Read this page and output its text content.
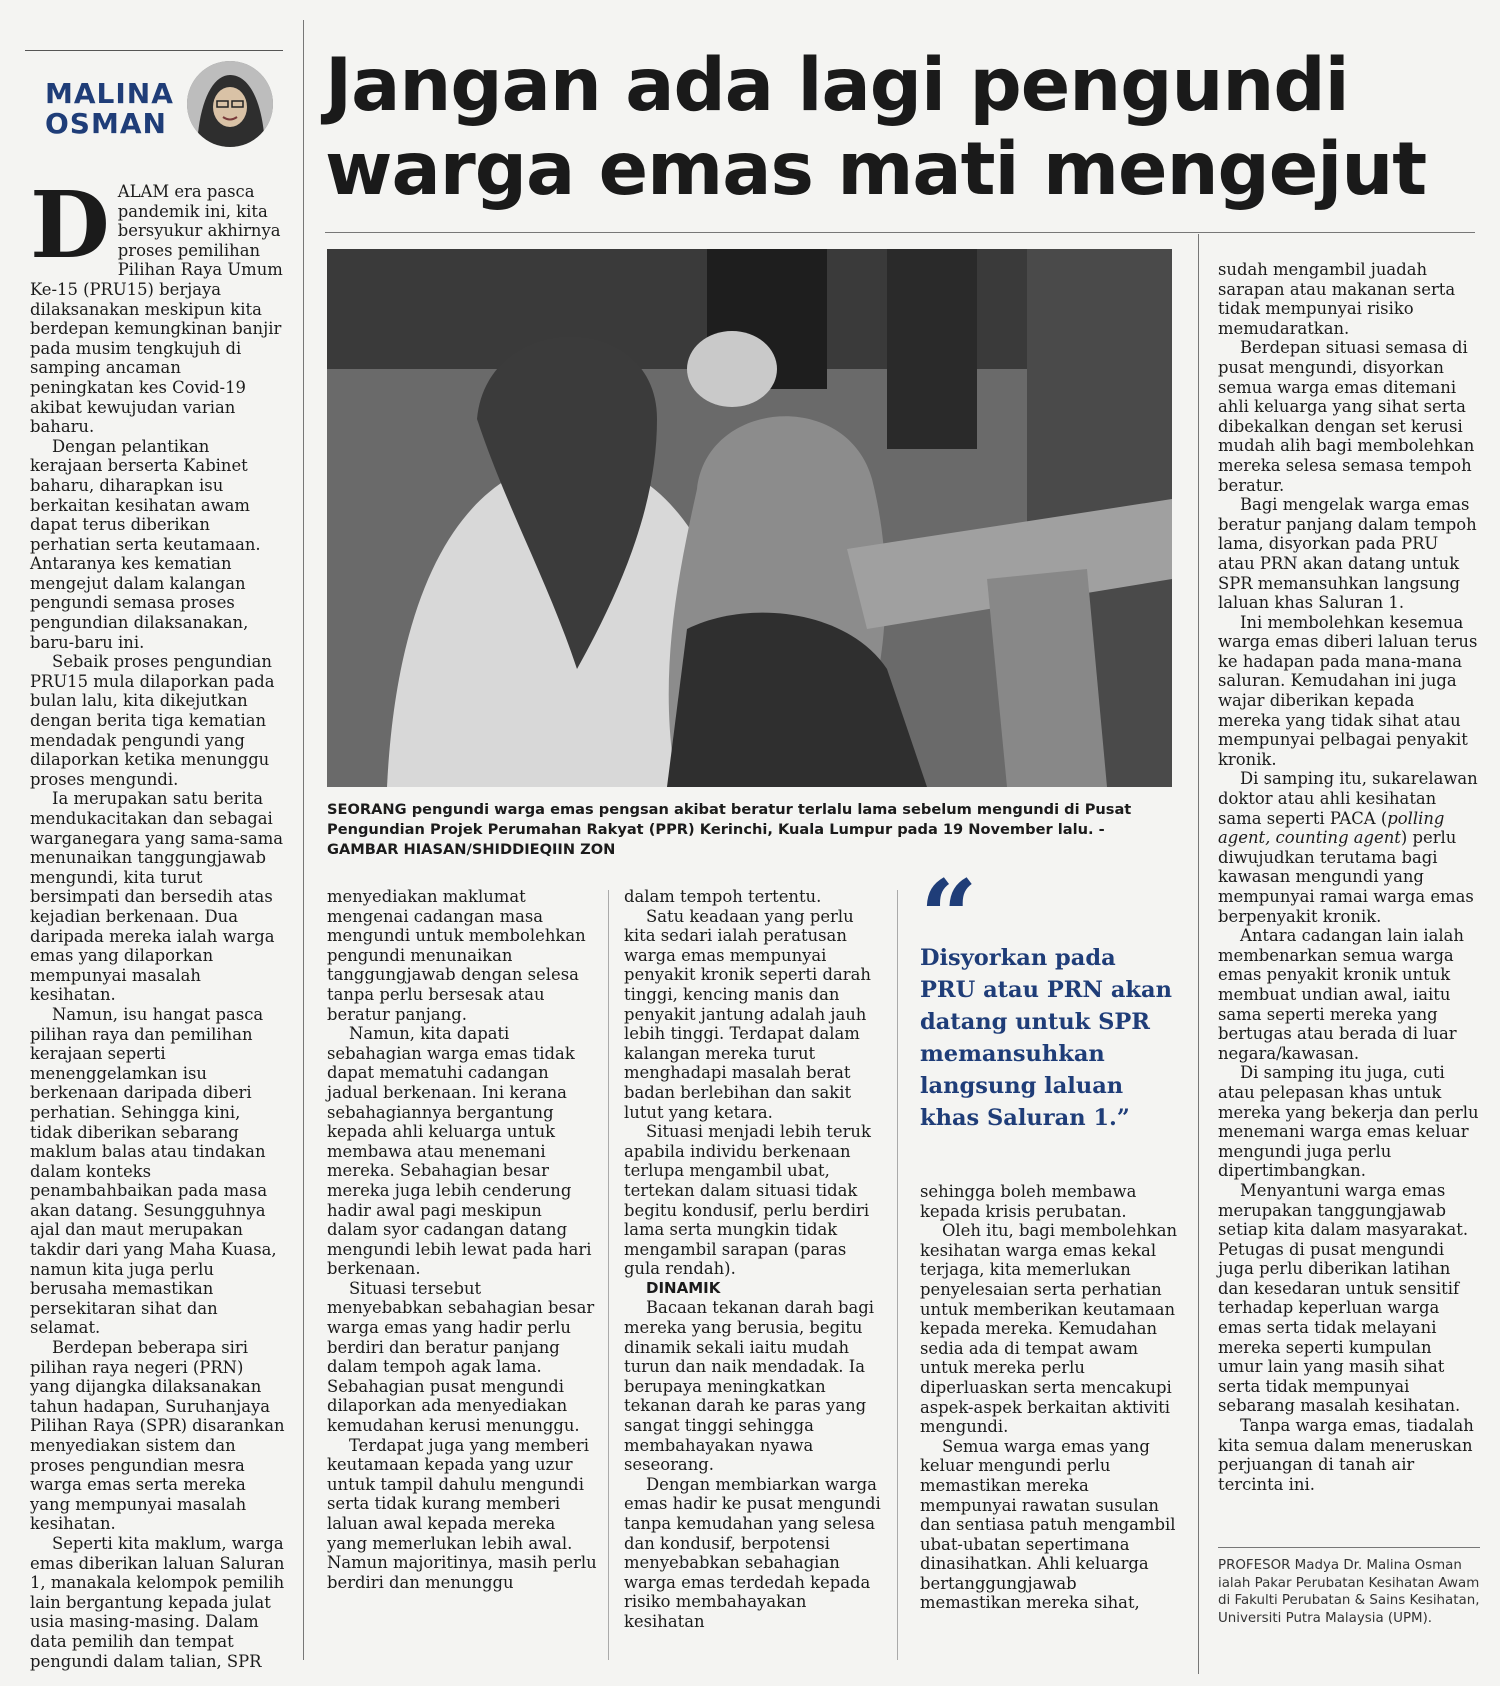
MALINA
OSMAN Jangan ada lagi pengundi
warga emas mati mengejut
SEORANG pengundi warga emas pengsan akibat beratur terlalu lama sebelum mengundi di Pusat Pengundian Projek Perumahan Rakyat (PPR) Kerinchi, Kuala Lumpur pada 19 November lalu. - GAMBAR HIASAN/SHIDDIEQIIN ZON
D ALAM era pasca pandemik ini, kita bersyukur akhirnya proses pemilihan Pilihan Raya Umum Ke-15 (PRU15) berjaya dilaksanakan meskipun kita berdepan kemungkinan banjir pada musim tengkujuh di samping ancaman peningkatan kes Covid-19 akibat kewujudan varian baharu.

Dengan pelantikan kerajaan berserta Kabinet baharu, diharapkan isu berkaitan kesihatan awam dapat terus diberikan perhatian serta keutamaan. Antaranya kes kematian mengejut dalam kalangan pengundi semasa proses pengundian dilaksanakan, baru-baru ini.

Sebaik proses pengundian PRU15 mula dilaporkan pada bulan lalu, kita dikejutkan dengan berita tiga kematian mendadak pengundi yang dilaporkan ketika menunggu proses mengundi.

Ia merupakan satu berita mendukacitakan dan sebagai warganegara yang sama-sama menunaikan tanggungjawab mengundi, kita turut bersimpati dan bersedih atas kejadian berkenaan. Dua daripada mereka ialah warga emas yang dilaporkan mempunyai masalah kesihatan.

Namun, isu hangat pasca pilihan raya dan pemilihan kerajaan seperti menenggelamkan isu berkenaan daripada diberi perhatian. Sehingga kini, tidak diberikan sebarang maklum balas atau tindakan dalam konteks penambahbaikan pada masa akan datang. Sesungguhnya ajal dan maut merupakan takdir dari yang Maha Kuasa, namun kita juga perlu berusaha memastikan persekitaran sihat dan selamat.

Berdepan beberapa siri pilihan raya negeri (PRN) yang dijangka dilaksanakan tahun hadapan, Suruhanjaya Pilihan Raya (SPR) disarankan menyediakan sistem dan proses pengundian mesra warga emas serta mereka yang mempunyai masalah kesihatan.

Seperti kita maklum, warga emas diberikan laluan Saluran 1, manakala kelompok pemilih lain bergantung kepada julat usia masing-masing. Dalam data pemilih dan tempat pengundi dalam talian, SPR

menyediakan maklumat mengenai cadangan masa mengundi untuk membolehkan pengundi menunaikan tanggungjawab dengan selesa tanpa perlu bersesak atau beratur panjang.

Namun, kita dapati sebahagian warga emas tidak dapat mematuhi cadangan jadual berkenaan. Ini kerana sebahagiannya bergantung kepada ahli keluarga untuk membawa atau menemani mereka. Sebahagian besar mereka juga lebih cenderung hadir awal pagi meskipun dalam syor cadangan datang mengundi lebih lewat pada hari berkenaan.

Situasi tersebut menyebabkan sebahagian besar warga emas yang hadir perlu berdiri dan beratur panjang dalam tempoh agak lama. Sebahagian pusat mengundi dilaporkan ada menyediakan kemudahan kerusi menunggu.

Terdapat juga yang memberi keutamaan kepada yang uzur untuk tampil dahulu mengundi serta tidak kurang memberi laluan awal kepada mereka yang memerlukan lebih awal. Namun majoritinya, masih perlu berdiri dan menunggu

dalam tempoh tertentu.

Satu keadaan yang perlu kita sedari ialah peratusan warga emas mempunyai penyakit kronik seperti darah tinggi, kencing manis dan penyakit jantung adalah jauh lebih tinggi. Terdapat dalam kalangan mereka turut menghadapi masalah berat badan berlebihan dan sakit lutut yang ketara.

Situasi menjadi lebih teruk apabila individu berkenaan terlupa mengambil ubat, tertekan dalam situasi tidak begitu kondusif, perlu berdiri lama serta mungkin tidak mengambil sarapan (paras gula rendah).

DINAMIK

Bacaan tekanan darah bagi mereka yang berusia, begitu dinamik sekali iaitu mudah turun dan naik mendadak. Ia berupaya meningkatkan tekanan darah ke paras yang sangat tinggi sehingga membahayakan nyawa seseorang.

Dengan membiarkan warga emas hadir ke pusat mengundi tanpa kemudahan yang selesa dan kondusif, berpotensi menyebabkan sebahagian warga emas terdedah kepada risiko membahayakan kesihatan

“
Disyorkan pada PRU atau PRN akan datang untuk SPR memansuhkan langsung laluan khas Saluran 1.”

sehingga boleh membawa kepada krisis perubatan.

Oleh itu, bagi membolehkan kesihatan warga emas kekal terjaga, kita memerlukan penyelesaian serta perhatian untuk memberikan keutamaan kepada mereka. Kemudahan sedia ada di tempat awam untuk mereka perlu diperluaskan serta mencakupi aspek-aspek berkaitan aktiviti mengundi.

Semua warga emas yang keluar mengundi perlu memastikan mereka mempunyai rawatan susulan dan sentiasa patuh mengambil ubat-ubatan sepertimana dinasihatkan. Ahli keluarga bertanggungjawab memastikan mereka sihat,

sudah mengambil juadah sarapan atau makanan serta tidak mempunyai risiko memudaratkan.

Berdepan situasi semasa di pusat mengundi, disyorkan semua warga emas ditemani ahli keluarga yang sihat serta dibekalkan dengan set kerusi mudah alih bagi membolehkan mereka selesa semasa tempoh beratur.

Bagi mengelak warga emas beratur panjang dalam tempoh lama, disyorkan pada PRU atau PRN akan datang untuk SPR memansuhkan langsung laluan khas Saluran 1.

Ini membolehkan kesemua warga emas diberi laluan terus ke hadapan pada mana-mana saluran. Kemudahan ini juga wajar diberikan kepada mereka yang tidak sihat atau mempunyai pelbagai penyakit kronik.

Di samping itu, sukarelawan doktor atau ahli kesihatan sama seperti PACA (polling agent, counting agent) perlu diwujudkan terutama bagi kawasan mengundi yang mempunyai ramai warga emas berpenyakit kronik.

Antara cadangan lain ialah membenarkan semua warga emas penyakit kronik untuk membuat undian awal, iaitu sama seperti mereka yang bertugas atau berada di luar negara/kawasan.

Di samping itu juga, cuti atau pelepasan khas untuk mereka yang bekerja dan perlu menemani warga emas keluar mengundi juga perlu dipertimbangkan.

Menyantuni warga emas merupakan tanggungjawab setiap kita dalam masyarakat. Petugas di pusat mengundi juga perlu diberikan latihan dan kesedaran untuk sensitif terhadap keperluan warga emas serta tidak melayani mereka seperti kumpulan umur lain yang masih sihat serta tidak mempunyai sebarang masalah kesihatan.

Tanpa warga emas, tiadalah kita semua dalam meneruskan perjuangan di tanah air tercinta ini.

PROFESOR Madya Dr. Malina Osman ialah Pakar Perubatan Kesihatan Awam di Fakulti Perubatan & Sains Kesihatan, Universiti Putra Malaysia (UPM).
